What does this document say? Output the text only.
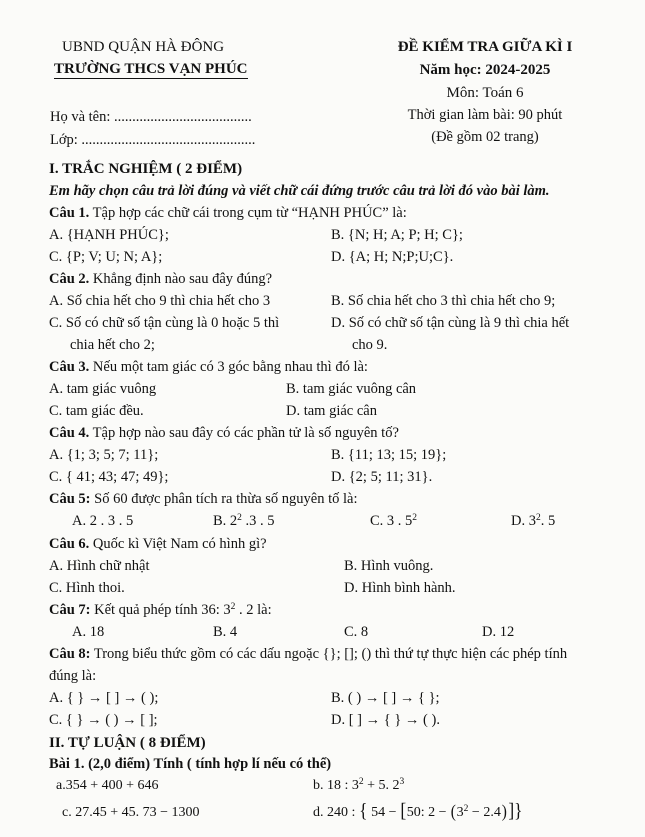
UBND QUẬN HÀ ĐÔNG
TRƯỜNG THCS VẠN PHÚC
ĐỀ KIỂM TRA GIỮA KÌ I
Năm học: 2024-2025
Môn: Toán 6
Thời gian làm bài: 90 phút
(Đề gồm 02 trang)
Họ và tên: ......................................
Lớp: ................................................
I. TRẮC NGHIỆM ( 2 ĐIỂM)
Em hãy chọn câu trả lời đúng và viết chữ cái đứng trước câu trả lời đó vào bài làm.
Câu 1. Tập hợp các chữ cái trong cụm từ “HẠNH PHÚC” là:
A. {HẠNH PHÚC};	B. {N; H; A; P; H; C};
C. {P; V; U; N; A};	D. {A; H; N;P;U;C}.
Câu 2. Khẳng định nào sau đây đúng?
A. Số chia hết cho 9 thì chia hết cho 3	B. Số chia hết cho 3 thì chia hết cho 9;
C. Số có chữ số tận cùng là 0 hoặc 5 thì	D. Số có chữ số tận cùng là 9 thì chia hết
chia hết cho 2;	cho 9.
Câu 3. Nếu một tam giác có 3 góc bằng nhau thì đó là:
A. tam giác vuông	B. tam giác vuông cân
C. tam giác đều.	D. tam giác cân
Câu 4. Tập hợp nào sau đây có các phần tử là số nguyên tố?
A. {1; 3; 5; 7; 11};	B. {11; 13; 15; 19};
C. { 41; 43; 47; 49};	D. {2; 5; 11; 31}.
Câu 5: Số 60 được phân tích ra thừa số nguyên tố là:
A. 2 . 3 . 5	B. $2^2$ .3 . 5	C. 3 . $5^2$	D. $3^2$. 5
Câu 6. Quốc kì Việt Nam có hình gì?
A. Hình chữ nhật	B. Hình vuông.
C. Hình thoi.	D. Hình bình hành.
Câu 7: Kết quả phép tính 36: $3^2$ . 2 là:
A. 18	B. 4	C. 8	D. 12
Câu 8: Trong biểu thức gồm có các dấu ngoặc {}; []; () thì thứ tự thực hiện các phép tính
đúng là:
A. { } → [ ] → ( );	B. ( ) → [ ] → { };
C. { } → ( ) → [ ];	D. [ ] → { } → ( ).
II. TỰ LUẬN ( 8 ĐIỂM)
Bài 1. (2,0 điểm) Tính ( tính hợp lí nếu có thể)
a.354 + 400 + 646	b. 18 : $3^2 + 5$. $2^3$
c. 27.45 + 45. 73 − 1300	d. 240 : { 54 − [50: $2 - (3^2 - 2.4)$]}
